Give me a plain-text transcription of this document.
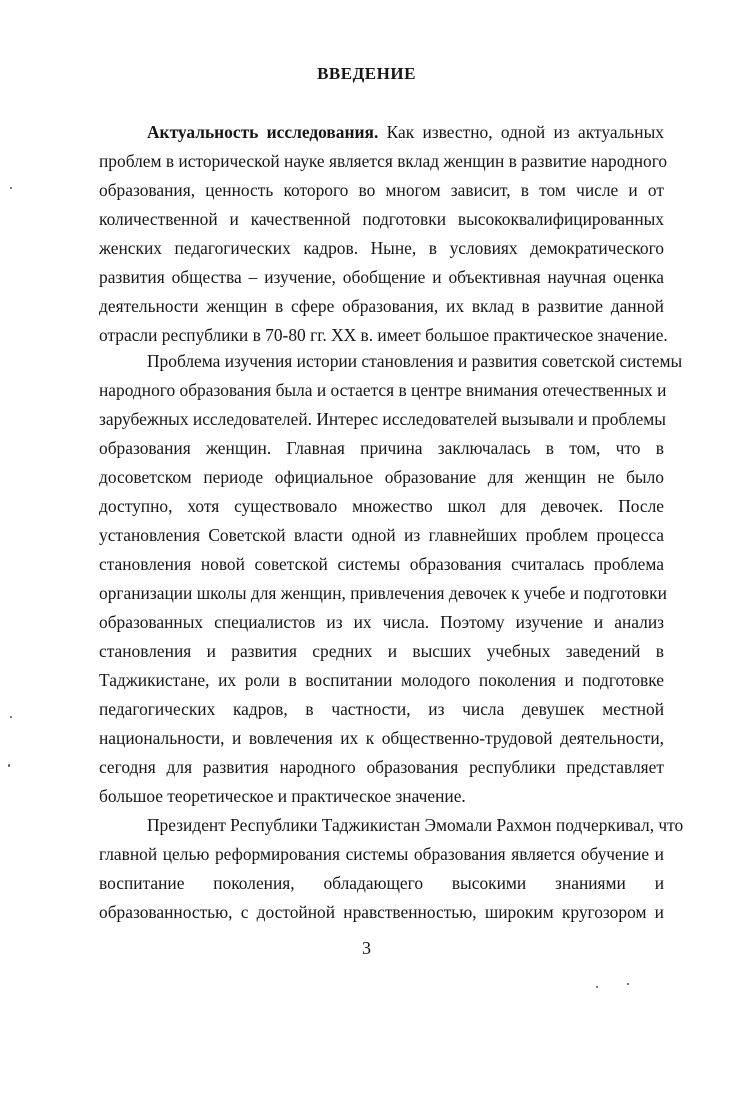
ВВЕДЕНИЕ
Актуальность исследования. Как известно, одной из актуальных
проблем в исторической науке является вклад женщин в развитие народного
образования, ценность которого во многом зависит, в том числе и от
количественной и качественной подготовки высококвалифицированных
женских педагогических кадров. Ныне, в условиях демократического
развития общества – изучение, обобщение и объективная научная оценка
деятельности женщин в сфере образования, их вклад в развитие данной
отрасли республики в 70-80 гг. XX в. имеет большое практическое значение.
Проблема изучения истории становления и развития советской системы
народного образования была и остается в центре внимания отечественных и
зарубежных исследователей. Интерес исследователей вызывали и проблемы
образования женщин. Главная причина заключалась в том, что в
досоветском периоде официальное образование для женщин не было
доступно, хотя существовало множество школ для девочек. После
установления Советской власти одной из главнейших проблем процесса
становления новой советской системы образования считалась проблема
организации школы для женщин, привлечения девочек к учебе и подготовки
образованных специалистов из их числа. Поэтому изучение и анализ
становления и развития средних и высших учебных заведений в
Таджикистане, их роли в воспитании молодого поколения и подготовке
педагогических кадров, в частности, из числа девушек местной
национальности, и вовлечения их к общественно-трудовой деятельности,
сегодня для развития народного образования республики представляет
большое теоретическое и практическое значение.
Президент Республики Таджикистан Эмомали Рахмон подчеркивал, что
главной целью реформирования системы образования является обучение и
воспитание поколения, обладающего высокими знаниями и
образованностью, с достойной нравственностью, широким кругозором и
3
